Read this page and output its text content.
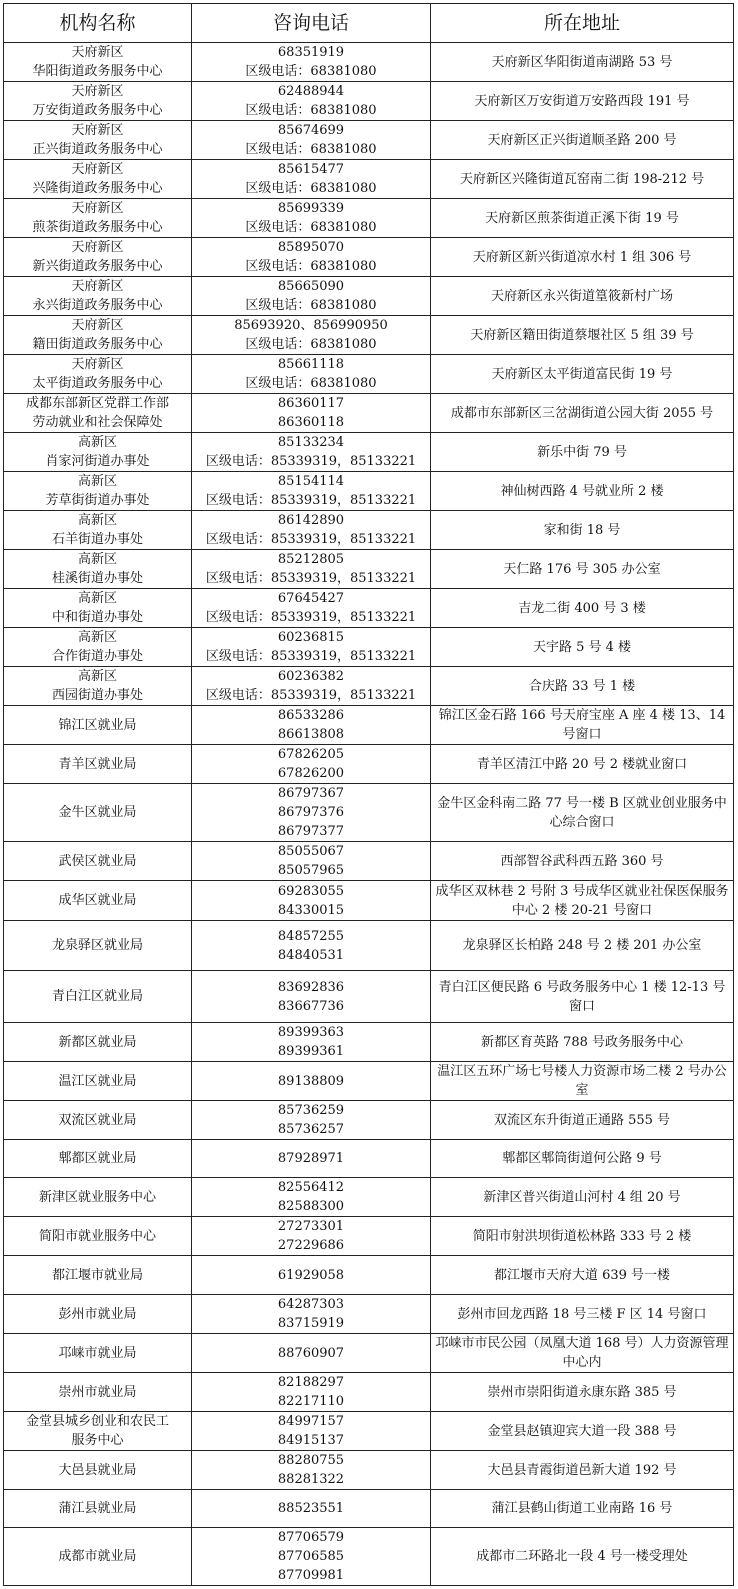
机构名称	咨询电话	所在地址

天府新区
华阳街道政务服务中心	68351919
区级电话：68381080	天府新区华阳街道南湖路 53 号

天府新区
万安街道政务服务中心	62488944
区级电话：68381080	天府新区万安街道万安路西段 191 号

天府新区
正兴街道政务服务中心	85674699
区级电话：68381080	天府新区正兴街道顺圣路 200 号

天府新区
兴隆街道政务服务中心	85615477
区级电话：68381080	天府新区兴隆街道瓦窑南二街 198-212 号

天府新区
煎茶街道政务服务中心	85699339
区级电话：68381080	天府新区煎茶街道正溪下街 19 号

天府新区
新兴街道政务服务中心	85895070
区级电话：68381080	天府新区新兴街道凉水村 1 组 306 号

天府新区
永兴街道政务服务中心	85665090
区级电话：68381080	天府新区永兴街道篁筱新村广场

天府新区
籍田街道政务服务中心	85693920、856990950
区级电话：68381080	天府新区籍田街道蔡堰社区 5 组 39 号

天府新区
太平街道政务服务中心	85661118
区级电话：68381080	天府新区太平街道富民街 19 号

成都东部新区党群工作部
劳动就业和社会保障处	86360117
86360118	成都市东部新区三岔湖街道公园大街 2055 号

高新区
肖家河街道办事处	85133234
区级电话：85339319，85133221	新乐中街 79 号

高新区
芳草街街道办事处	85154114
区级电话：85339319，85133221	神仙树西路 4 号就业所 2 楼

高新区
石羊街道办事处	86142890
区级电话：85339319，85133221	家和街 18 号

高新区
桂溪街道办事处	85212805
区级电话：85339319，85133221	天仁路 176 号 305 办公室

高新区
中和街道办事处	67645427
区级电话：85339319，85133221	吉龙二街 400 号 3 楼

高新区
合作街道办事处	60236815
区级电话：85339319，85133221	天宇路 5 号 4 楼

高新区
西园街道办事处	60236382
区级电话：85339319，85133221	合庆路 33 号 1 楼

锦江区就业局	86533286
86613808	锦江区金石路 166 号天府宝座 A 座 4 楼 13、14 号窗口

青羊区就业局	67826205
67826200	青羊区清江中路 20 号 2 楼就业窗口

金牛区就业局	86797367
86797376
86797377	金牛区金科南二路 77 号一楼 B 区就业创业服务中心综合窗口

武侯区就业局	85055067
85057965	西部智谷武科西五路 360 号

成华区就业局	69283055
84330015	成华区双林巷 2 号附 3 号成华区就业社保医保服务中心 2 楼 20-21 号窗口

龙泉驿区就业局	84857255
84840531	龙泉驿区长柏路 248 号 2 楼 201 办公室

青白江区就业局	83692836
83667736	青白江区便民路 6 号政务服务中心 1 楼 12-13 号窗口

新都区就业局	89399363
89399361	新都区育英路 788 号政务服务中心

温江区就业局	89138809	温江区五环广场七号楼人力资源市场二楼 2 号办公室

双流区就业局	85736259
85736257	双流区东升街道正通路 555 号

郫都区就业局	87928971	郫都区郫筒街道何公路 9 号

新津区就业服务中心	82556412
82588300	新津区普兴街道山河村 4 组 20 号

简阳市就业服务中心	27273301
27229686	简阳市射洪坝街道松林路 333 号 2 楼

都江堰市就业局	61929058	都江堰市天府大道 639 号一楼

彭州市就业局	64287303
83715919	彭州市回龙西路 18 号三楼 F 区 14 号窗口

邛崃市就业局	88760907	邛崃市市民公园（凤凰大道 168 号）人力资源管理中心内

崇州市就业局	82188297
82217110	崇州市崇阳街道永康东路 385 号

金堂县城乡创业和农民工
服务中心	84997157
84915137	金堂县赵镇迎宾大道一段 388 号

大邑县就业局	88280755
88281322	大邑县青霞街道邑新大道 192 号

蒲江县就业局	88523551	蒲江县鹤山街道工业南路 16 号

成都市就业局	87706579
87706585
87709981	成都市二环路北一段 4 号一楼受理处
